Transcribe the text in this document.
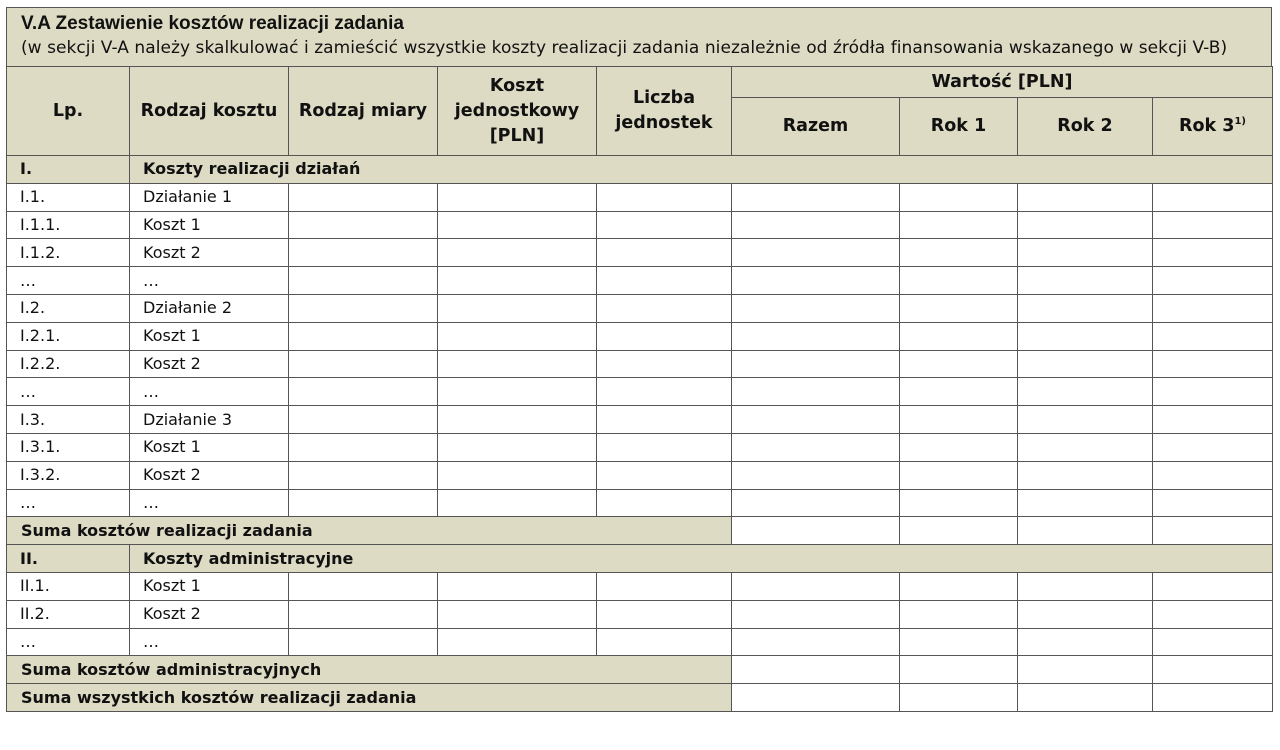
V.A Zestawienie kosztów realizacji zadania
(w sekcji V-A należy skalkulować i zamieścić wszystkie koszty realizacji zadania niezależnie od źródła finansowania wskazanego w sekcji V-B)
Lp.	Rodzaj kosztu	Rodzaj miary	Koszt jednostkowy [PLN]	Liczba jednostek	Wartość [PLN]			
					Razem	Rok 1	Rok 2	Rok 3$^{1)}$
I.	Koszty realizacji działań							
I.1.	Działanie 1							
I.1.1.	Koszt 1							
I.1.2.	Koszt 2							
…	…							
I.2.	Działanie 2							
I.2.1.	Koszt 1							
I.2.2.	Koszt 2							
…	…							
I.3.	Działanie 3							
I.3.1.	Koszt 1							
I.3.2.	Koszt 2							
…	…							
Suma kosztów realizacji zadania								
II.	Koszty administracyjne							
II.1.	Koszt 1							
II.2.	Koszt 2							
…	…							
Suma kosztów administracyjnych								
Suma wszystkich kosztów realizacji zadania								
